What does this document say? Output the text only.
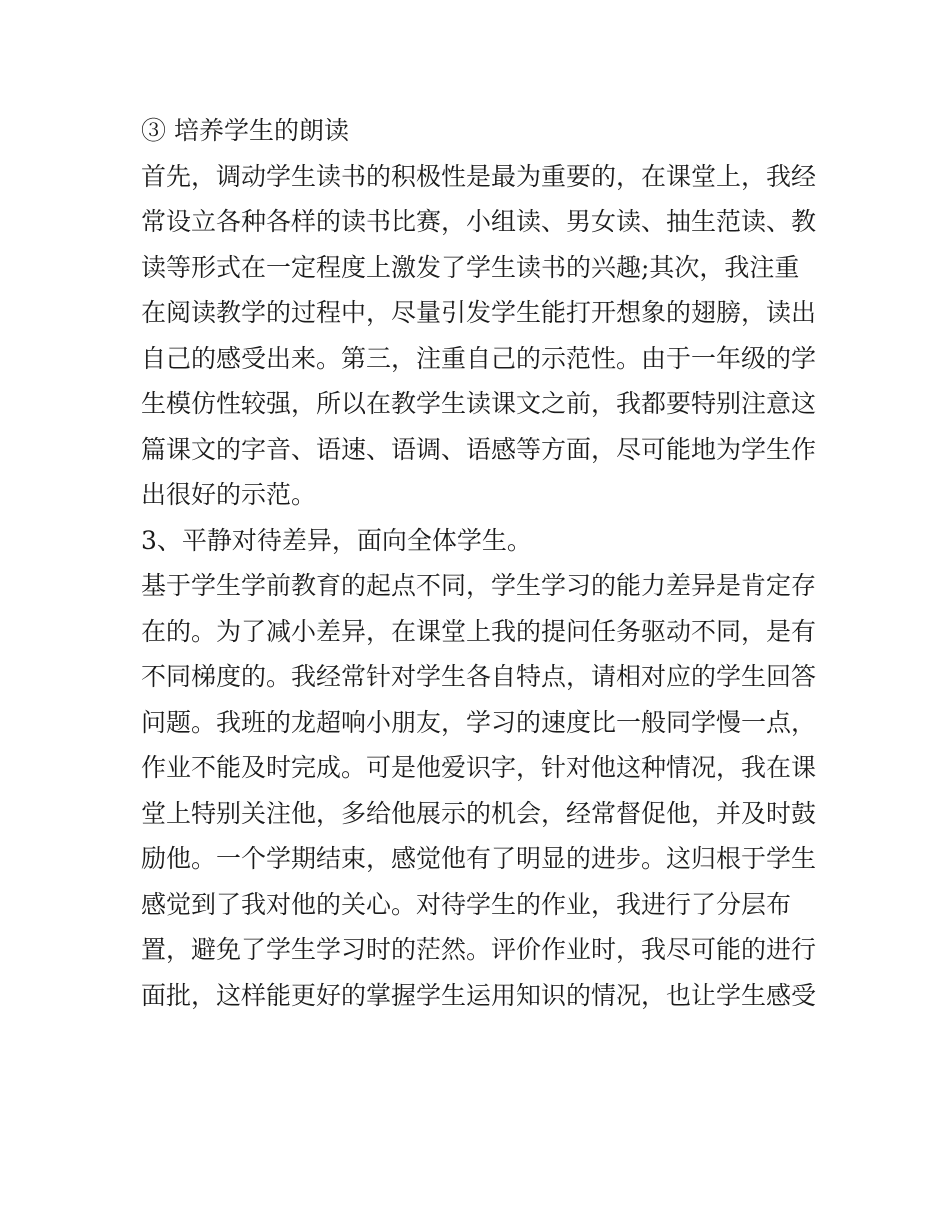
③ 培养学生的朗读
首先，调动学生读书的积极性是最为重要的，在课堂上，我经
常设立各种各样的读书比赛，小组读、男女读、抽生范读、教
读等形式在一定程度上激发了学生读书的兴趣;其次，我注重
在阅读教学的过程中，尽量引发学生能打开想象的翅膀，读出
自己的感受出来。第三，注重自己的示范性。由于一年级的学
生模仿性较强，所以在教学生读课文之前，我都要特别注意这
篇课文的字音、语速、语调、语感等方面，尽可能地为学生作
出很好的示范。
3、平静对待差异，面向全体学生。
基于学生学前教育的起点不同，学生学习的能力差异是肯定存
在的。为了减小差异，在课堂上我的提问任务驱动不同，是有
不同梯度的。我经常针对学生各自特点，请相对应的学生回答
问题。我班的龙超响小朋友，学习的速度比一般同学慢一点，
作业不能及时完成。可是他爱识字，针对他这种情况，我在课
堂上特别关注他，多给他展示的机会，经常督促他，并及时鼓
励他。一个学期结束，感觉他有了明显的进步。这归根于学生
感觉到了我对他的关心。对待学生的作业，我进行了分层布
置，避免了学生学习时的茫然。评价作业时，我尽可能的进行
面批，这样能更好的掌握学生运用知识的情况，也让学生感受
